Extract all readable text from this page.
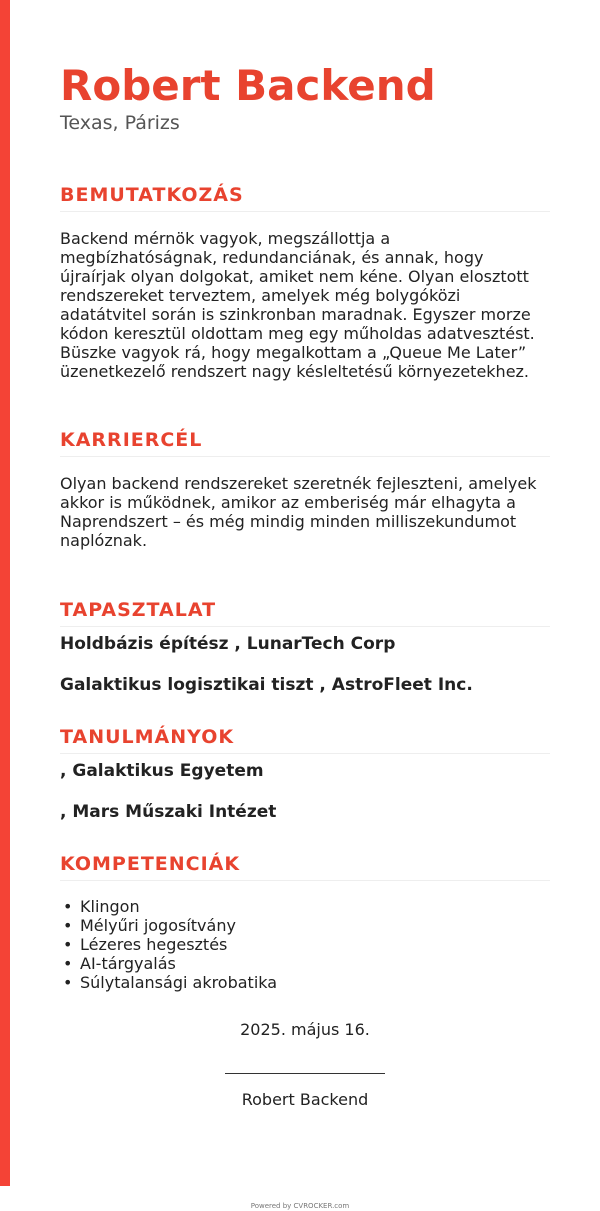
Robert Backend
Texas, Párizs
BEMUTATKOZÁS

Backend mérnök vagyok, megszállottja a megbízhatóságnak, redundanciának, és annak, hogy újraírjak olyan dolgokat, amiket nem kéne. Olyan elosztott rendszereket terveztem, amelyek még bolygóközi adatátvitel során is szinkronban maradnak. Egyszer morze kódon keresztül oldottam meg egy műholdas adatvesztést. Büszke vagyok rá, hogy megalkottam a „Queue Me Later” üzenetkezelő rendszert nagy késleltetésű környezetekhez.

KARRIERCÉL

Olyan backend rendszereket szeretnék fejleszteni, amelyek akkor is működnek, amikor az emberiség már elhagyta a Naprendszert – és még mindig minden milliszekundumot naplóznak.

TAPASZTALAT
Holdbázis építész , LunarTech Corp
Galaktikus logisztikai tiszt , AstroFleet Inc.
TANULMÁNYOK
, Galaktikus Egyetem
, Mars Műszaki Intézet
KOMPETENCIÁK
• Klingon
• Mélyűri jogosítvány
• Lézeres hegesztés
• AI-tárgyalás
• Súlytalansági akrobatika
2025. május 16.
Robert Backend
Powered by CVROCKER.com
